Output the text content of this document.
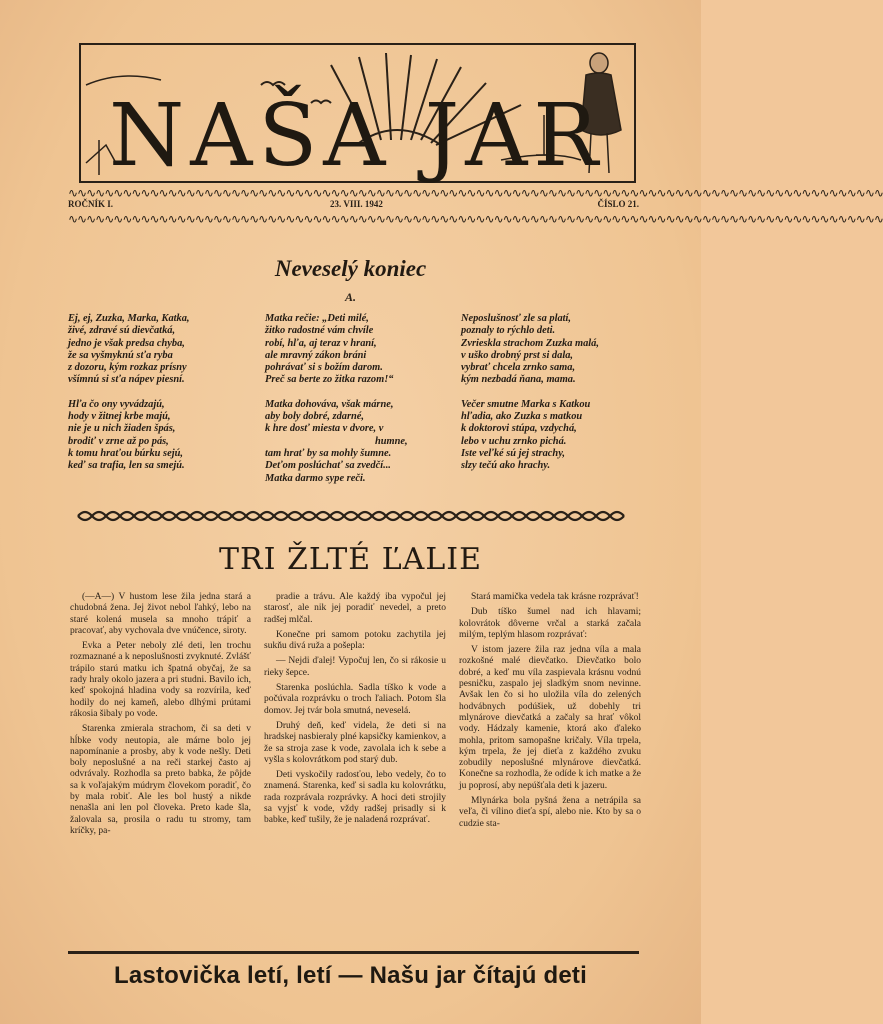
NAŠA JAR
∿∿∿∿∿∿∿∿∿∿∿∿∿∿∿∿∿∿∿∿∿∿∿∿∿∿∿∿∿∿∿∿∿∿∿∿∿∿∿∿∿∿∿∿∿∿∿∿∿∿∿∿∿∿∿∿∿∿∿∿∿∿∿∿∿∿∿∿∿∿∿∿∿∿∿∿∿∿∿∿∿∿∿∿∿∿∿∿∿∿
ROČNÍK I.	23. VIII. 1942	ČÍSLO 21.
∿∿∿∿∿∿∿∿∿∿∿∿∿∿∿∿∿∿∿∿∿∿∿∿∿∿∿∿∿∿∿∿∿∿∿∿∿∿∿∿∿∿∿∿∿∿∿∿∿∿∿∿∿∿∿∿∿∿∿∿∿∿∿∿∿∿∿∿∿∿∿∿∿∿∿∿∿∿∿∿∿∿∿∿∿∿∿∿∿∿
Neveselý koniec
A.
Ej, ej, Zuzka, Marka, Katka,
živé, zdravé sú dievčatká,
jedno je však predsa chyba,
že sa vyšmyknú sťa ryba
z dozoru, kým rozkaz prísny
všímnú si sťa nápev piesní.
Hľa čo ony vyvádzajú,
hody v žitnej krbe majú,
nie je u nich žiaden špás,
brodiť v zrne až po pás,
k tomu hraťou búrku sejú,
keď sa trafia, len sa smejú.
Matka rečie: „Deti milé,
žitko radostné vám chvíle
robí, hľa, aj teraz v hraní,
ale mravný zákon bráni
pohrávať si s božím darom.
Preč sa berte zo žitka razom!“
Matka dohováva, však márne,
aby boly dobré, zdarné,
k hre dosť miesta v dvore, v
humne,
tam hrať by sa mohly šumne.
Deťom poslúchať sa zvedčí...
Matka darmo sype reči.
Neposlušnosť zle sa platí,
poznaly to rýchlo deti.
Zvrieskla strachom Zuzka malá,
v uško drobný prst si dala,
vybrať chcela zrnko sama,
kým nezbadá ňana, mama.
Večer smutne Marka s Katkou
hľadia, ako Zuzka s matkou
k doktorovi stúpa, vzdychá,
lebo v uchu zrnko pichá.
Iste veľké sú jej strachy,
slzy tečú ako hrachy.
TRI ŽLTÉ ĽALIE

(—A—) V hustom lese žila jedna stará a chudobná žena. Jej život nebol ľahký, lebo na staré kolená musela sa mnoho trápiť a pracovať, aby vychovala dve vnúčence, siroty.

Evka a Peter neboly zlé deti, len trochu rozmaznané a k neposlušnosti zvyknuté. Zvlášť trápilo starú matku ich špatná obyčaj, že sa rady hraly okolo jazera a pri studni. Bavilo ich, keď spokojná hladina vody sa rozvírila, keď hodily do nej kameň, alebo dlhými prútami rákosia šibaly po vode.

Starenka zmierala strachom, či sa deti v hĺbke vody neutopia, ale márne bolo jej napomínanie a prosby, aby k vode nešly. Deti boly neposlušné a na reči starkej často aj odvrávaly. Rozhodla sa preto babka, že pôjde sa k voľajakým múdrym človekom poradiť, čo by mala robiť. Ale les bol hustý a nikde nenašla ani len pol človeka. Preto kade šla, žalovala sa, prosila o radu tu stromy, tam kríčky, pa-

pradie a trávu. Ale každý iba vypočul jej starosť, ale nik jej poradiť nevedel, a preto radšej mlčal.

Konečne pri samom potoku zachytila jej sukňu divá ruža a pošepla:

— Nejdi ďalej! Vypočuj len, čo si rákosie u rieky šepce.

Starenka poslúchla. Sadla tíško k vode a počúvala rozprávku o troch ľaliach. Potom šla domov. Jej tvár bola smutná, neveselá.

Druhý deň, keď videla, že deti si na hradskej nasbieraly plné kapsičky kamienkov, a že sa stroja zase k vode, zavolala ich k sebe a vyšla s kolovrátkom pod starý dub.

Deti vyskočily radosťou, lebo vedely, čo to znamená. Starenka, keď si sadla ku kolovrátku, rada rozprávala rozprávky. A hoci deti strojily sa vyjsť k vode, vždy radšej prisadly si k babke, keď tušily, že je naladená rozprávať.

Stará mamička vedela tak krásne rozprávať!

Dub tíško šumel nad ich hlavami; kolovrátok dôverne vrčal a starká začala milým, teplým hlasom rozprávať:

V istom jazere žila raz jedna víla a mala rozkošné malé dievčatko. Dievčatko bolo dobré, a keď mu víla zaspievala krásnu vodnú pesničku, zaspalo jej sladkým snom nevinne. Avšak len čo si ho uložila víla do zelených hodvábnych podúšiek, už dobehly tri mlynárove dievčatká a začaly sa hrať vôkol vody. Hádzaly kamenie, ktorá ako ďaleko mohla, pritom samopašne kričaly. Víla trpela, kým trpela, že jej dieťa z každého zvuku zobudily neposlušné mlynárove dievčatká. Konečne sa rozhodla, že odíde k ich matke a že ju poprosí, aby nepúšťala deti k jazeru.

Mlynárka bola pyšná žena a netrápila sa veľa, či vílino dieťa spí, alebo nie. Kto by sa o cudzie sta-

Lastovička letí, letí — Našu jar čítajú deti
